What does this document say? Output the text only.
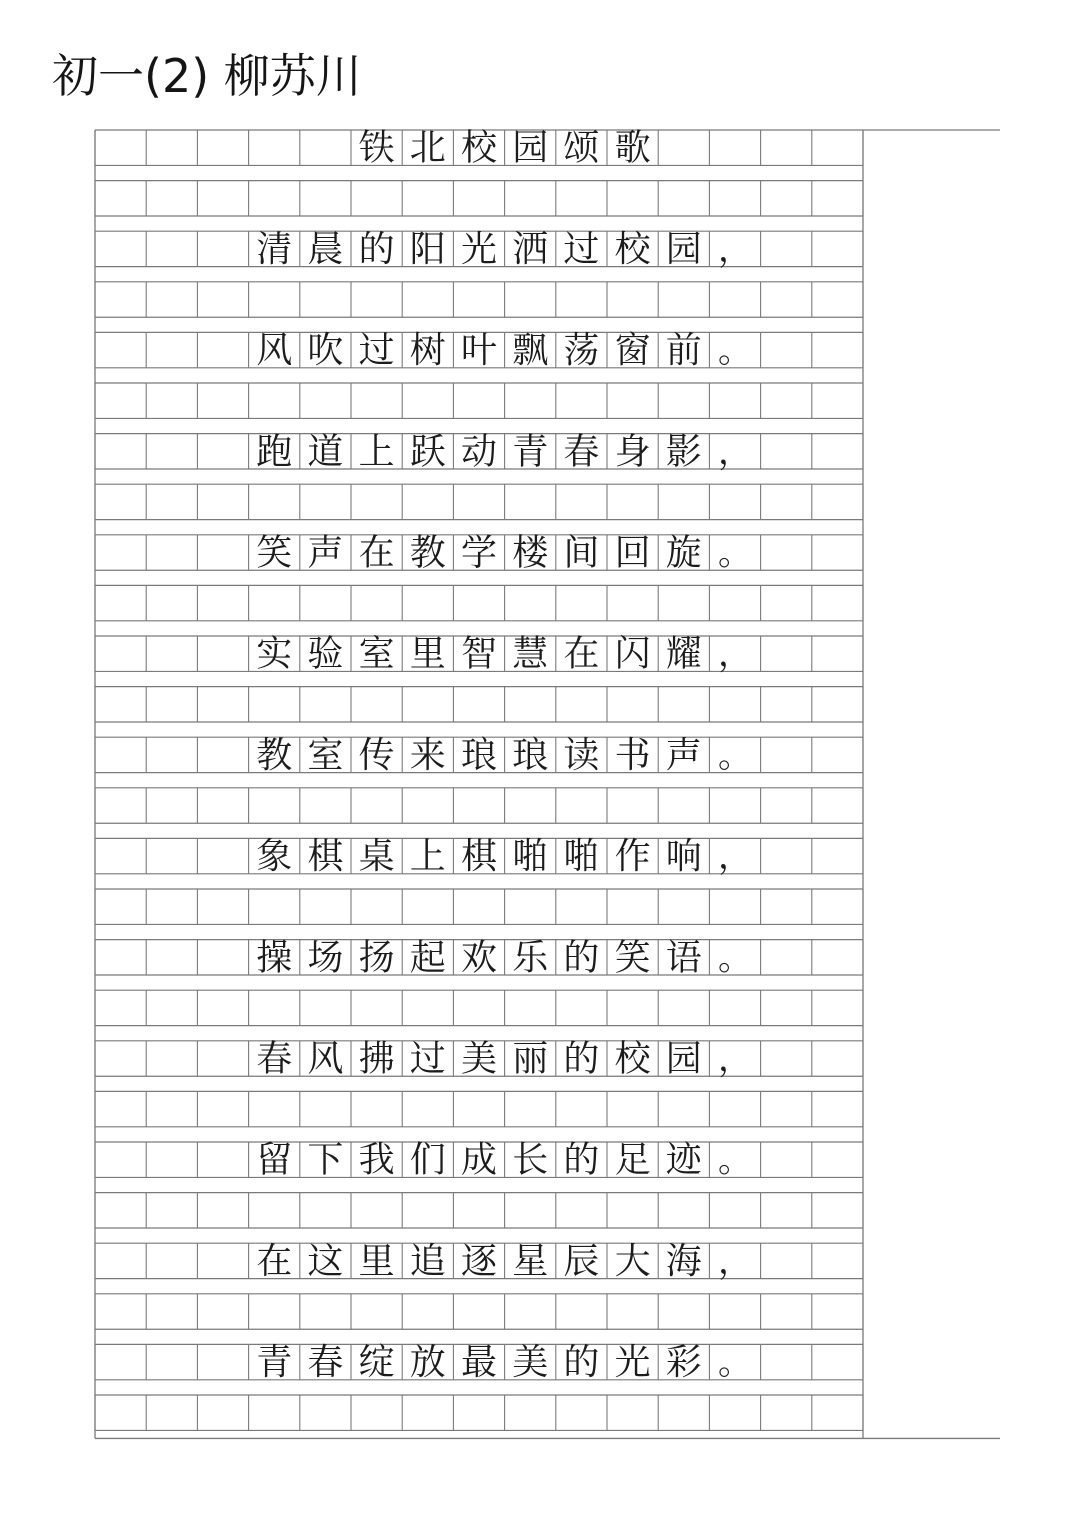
初一(2) 柳苏川
铁 北 校 园 颂 歌
清 晨 的 阳 光 洒 过 校 园 ，
风 吹 过 树 叶 飘 荡 窗 前 。
跑 道 上 跃 动 青 春 身 影 ，
笑 声 在 教 学 楼 间 回 旋 。
实 验 室 里 智 慧 在 闪 耀 ，
教 室 传 来 琅 琅 读 书 声 。
象 棋 桌 上 棋 啪 啪 作 响 ，
操 场 扬 起 欢 乐 的 笑 语 。
春 风 拂 过 美 丽 的 校 园 ，
留 下 我 们 成 长 的 足 迹 。
在 这 里 追 逐 星 辰 大 海 ，
青 春 绽 放 最 美 的 光 彩 。
